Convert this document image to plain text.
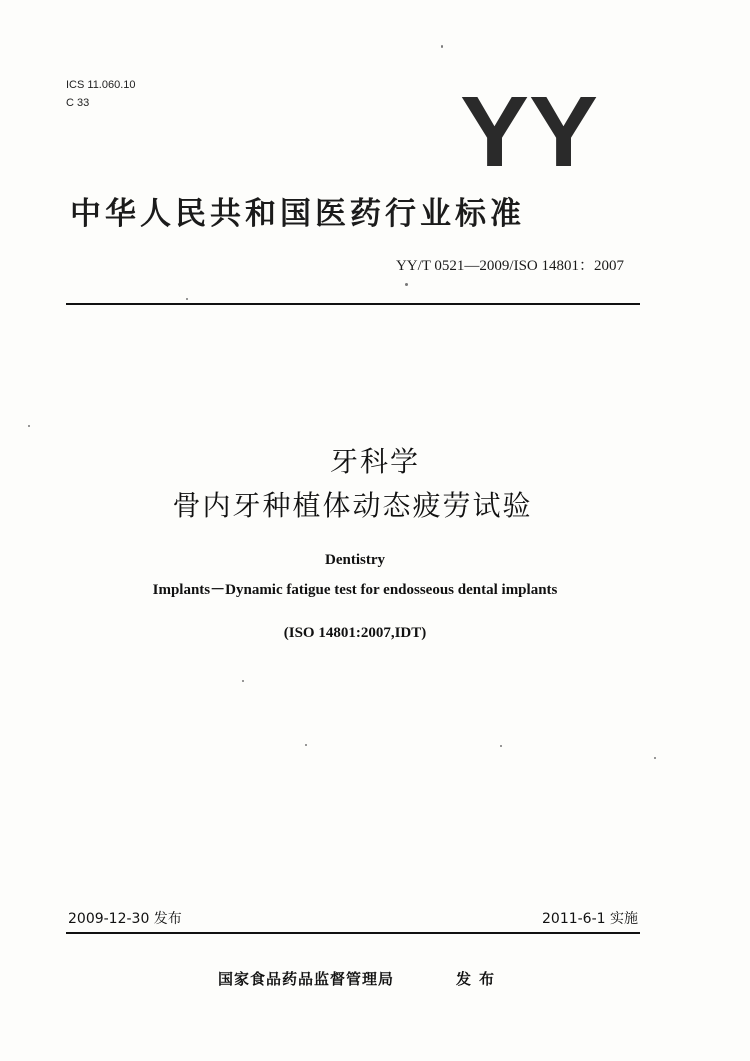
ICS 11.060.10
C 33	YY
中华人民共和国医药行业标准
YY/T 0521—2009/ISO 14801：2007
牙科学
骨内牙种植体动态疲劳试验
Dentistry
Implants－Dynamic fatigue test for endosseous dental implants
(ISO 14801:2007,IDT)
2009-12-30 发布	2011-6-1 实施
国家食品药品监督管理局	发布
